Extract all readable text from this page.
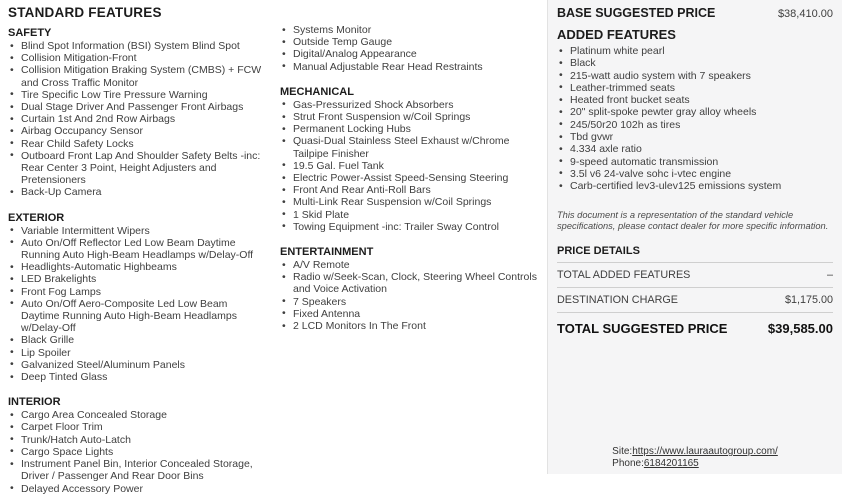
STANDARD FEATURES
SAFETY
• Blind Spot Information (BSI) System Blind Spot
• Collision Mitigation-Front
• Collision Mitigation Braking System (CMBS) + FCW and Cross Traffic Monitor
• Tire Specific Low Tire Pressure Warning
• Dual Stage Driver And Passenger Front Airbags
• Curtain 1st And 2nd Row Airbags
• Airbag Occupancy Sensor
• Rear Child Safety Locks
• Outboard Front Lap And Shoulder Safety Belts -inc: Rear Center 3 Point, Height Adjusters and Pretensioners
• Back-Up Camera
EXTERIOR
• Variable Intermittent Wipers
• Auto On/Off Reflector Led Low Beam Daytime Running Auto High-Beam Headlamps w/Delay-Off
• Headlights-Automatic Highbeams
• LED Brakelights
• Front Fog Lamps
• Auto On/Off Aero-Composite Led Low Beam Daytime Running Auto High-Beam Headlamps w/Delay-Off
• Black Grille
• Lip Spoiler
• Galvanized Steel/Aluminum Panels
• Deep Tinted Glass
INTERIOR
• Cargo Area Concealed Storage
• Carpet Floor Trim
• Trunk/Hatch Auto-Latch
• Cargo Space Lights
• Instrument Panel Bin, Interior Concealed Storage, Driver / Passenger And Rear Door Bins
• Delayed Accessory Power
• Systems Monitor
• Outside Temp Gauge
• Digital/Analog Appearance
• Manual Adjustable Rear Head Restraints
MECHANICAL
• Gas-Pressurized Shock Absorbers
• Strut Front Suspension w/Coil Springs
• Permanent Locking Hubs
• Quasi-Dual Stainless Steel Exhaust w/Chrome Tailpipe Finisher
• 19.5 Gal. Fuel Tank
• Electric Power-Assist Speed-Sensing Steering
• Front And Rear Anti-Roll Bars
• Multi-Link Rear Suspension w/Coil Springs
• 1 Skid Plate
• Towing Equipment -inc: Trailer Sway Control
ENTERTAINMENT
• A/V Remote
• Radio w/Seek-Scan, Clock, Steering Wheel Controls and Voice Activation
• 7 Speakers
• Fixed Antenna
• 2 LCD Monitors In The Front
BASE SUGGESTED PRICE	$38,410.00
ADDED FEATURES
• Platinum white pearl
• Black
• 215-watt audio system with 7 speakers
• Leather-trimmed seats
• Heated front bucket seats
• 20" split-spoke pewter gray alloy wheels
• 245/50r20 102h as tires
• Tbd gvwr
• 4.334 axle ratio
• 9-speed automatic transmission
• 3.5l v6 24-valve sohc i-vtec engine
• Carb-certified lev3-ulev125 emissions system

This document is a representation of the standard vehicle specifications, please contact dealer for more specific information.

PRICE DETAILS
TOTAL ADDED FEATURES	–
DESTINATION CHARGE	$1,175.00
TOTAL SUGGESTED PRICE	$39,585.00
Site:https://www.lauraautogroup.com/
Phone:6184201165
